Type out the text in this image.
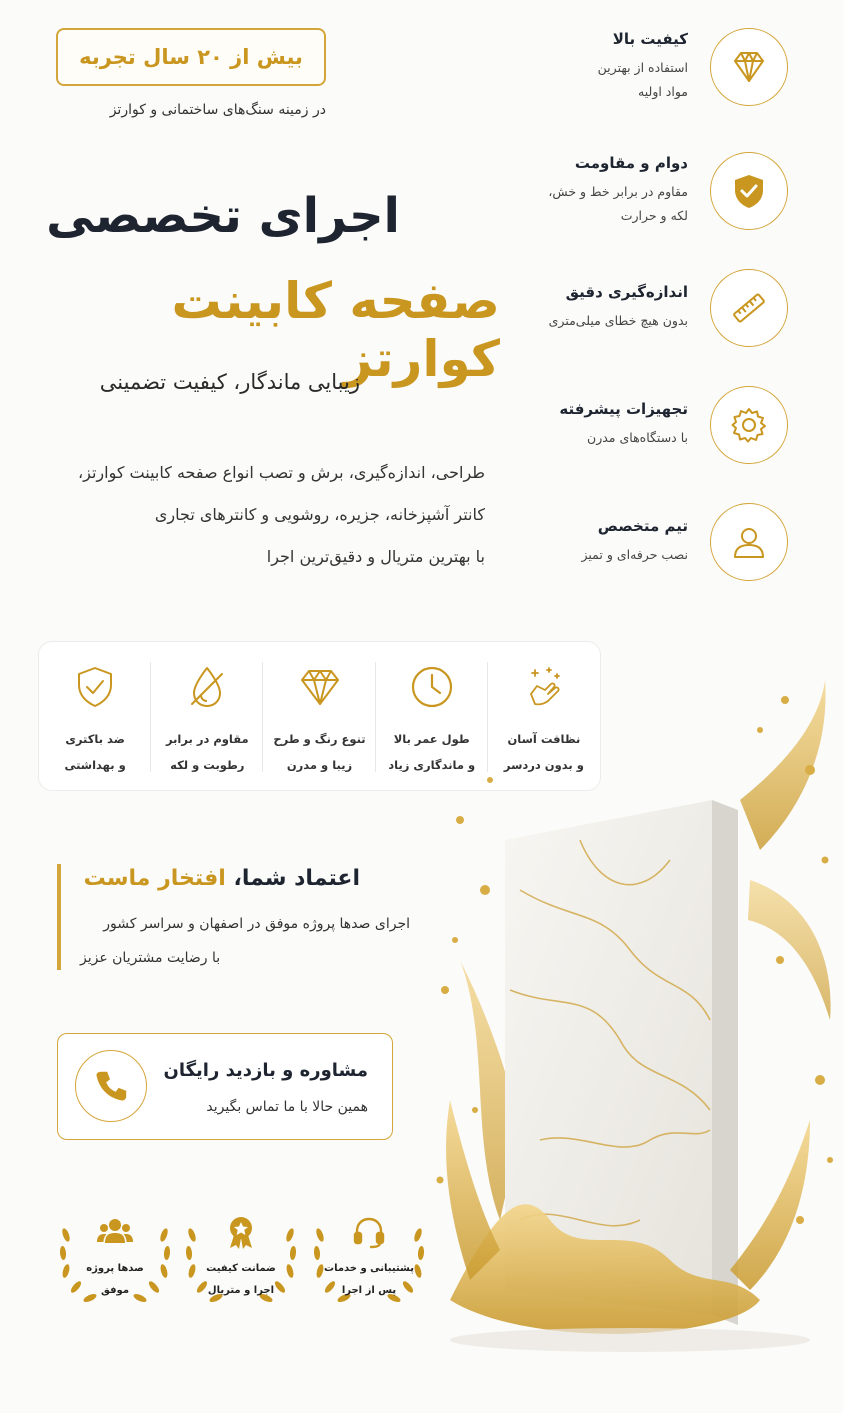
بیش از ۲۰ سال تجربه
در زمینه سنگ‌های ساختمانی و کوارتز
اجرای تخصصی
صفحه کابینت کوارتز
زیبایی ماندگار، کیفیت تضمینی
طراحی، اندازه‌گیری، برش و تصب انواع صفحه کابینت کوارتز،
کانتر آشپزخانه، جزیره، روشویی و کانترهای تجاری
با بهترین متریال و دقیق‌ترین اجرا
کیفیت بالا
استفاده از بهترین
مواد اولیه
دوام و مقاومت
مقاوم در برابر خط و خش،
لکه و حرارت
اندازه‌گیری دقیق
بدون هیچ خطای میلی‌متری
تجهیزات پیشرفته
با دستگاه‌های مدرن
تیم متخصص
نصب حرفه‌ای و تمیز
نظافت آسان
و بدون دردسر
طول عمر بالا
و ماندگاری زیاد
تنوع رنگ و طرح
زیبا و مدرن
مقاوم در برابر
رطوبت و لکه
ضد باکتری
و بهداشتی
اعتماد شما، افتخار ماست
اجرای صدها پروژه موفق در اصفهان و سراسر کشور
با رضایت مشتریان عزیز
مشاوره و بازدید رایگان
همین حالا با ما تماس بگیرید
پشتیبانی و خدمات
پس از اجرا
ضمانت کیفیت
اجرا و متریال
صدها پروژه
موفق
